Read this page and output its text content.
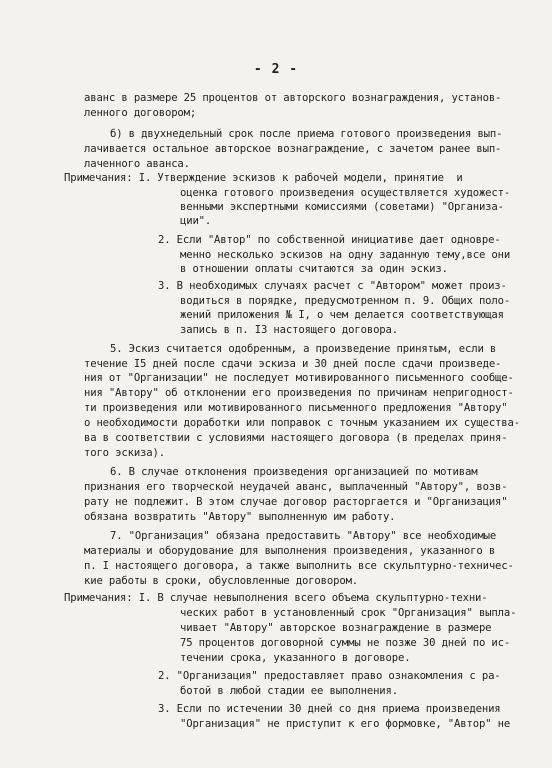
- 2 -
аванс в размере 25 процентов от авторского вознаграждения, установ-
ленного договором;
б) в двухнедельный срок после приема готового произведения вып-
лачивается остальное авторское вознаграждение, с зачетом ранее вып-
лаченного аванса.
Примечания: I. Утверждение эскизов к рабочей модели, принятие  и
оценка готового произведения осуществляется художест-
венными экспертными комиссиями (советами) "Организа-
ции".
2. Если "Автор" по собственной инициативе дает одновре-
менно несколько эскизов на одну заданную тему,все они
в отношении оплаты считаются за один эскиз.
3. В необходимых случаях расчет с "Автором" может произ-
водиться в порядке, предусмотренном п. 9. Общих поло-
жений приложения № I, о чем делается соответствующая
запись в п. I3 настоящего договора.
5. Эскиз считается одобренным, а произведение принятым, если в
течение I5 дней после сдачи эскиза и 30 дней после сдачи произведе-
ния от "Организации" не последует мотивированного письменного сообще-
ния "Автору" об отклонении его произведения по причинам непригодност-
ти произведения или мотивированного письменного предложения "Автору"
о необходимости доработки или поправок с точным указанием их существа-
ва в соответствии с условиями настоящего договора (в пределах приня-
того эскиза).
6. В случае отклонения произведения организацией по мотивам
признания его творческой неудачей аванс, выплаченный "Автору", возв-
рату не подлежит. В этом случае договор расторгается и "Организация"
обязана возвратить "Автору" выполненную им работу.
7. "Организация" обязана предоставить "Автору" все необходимые
материалы и оборудование для выполнения произведения, указанного в
п. I настоящего договора, а также выполнить все скульптурно-техничес-
кие работы в сроки, обусловленные договором.
Примечания: I. В случае невыполнения всего объема скульптурно-техни-
ческих работ в установленный срок "Организация" выпла-
чивает "Автору" авторское вознаграждение в размере
75 процентов договорной суммы не позже 30 дней по ис-
течении срока, указанного в договоре.
2. "Организация" предоставляет право ознакомления с ра-
ботой в любой стадии ее выполнения.
3. Если по истечении 30 дней со дня приема произведения
"Организация" не приступит к его формовке, "Автор" не
